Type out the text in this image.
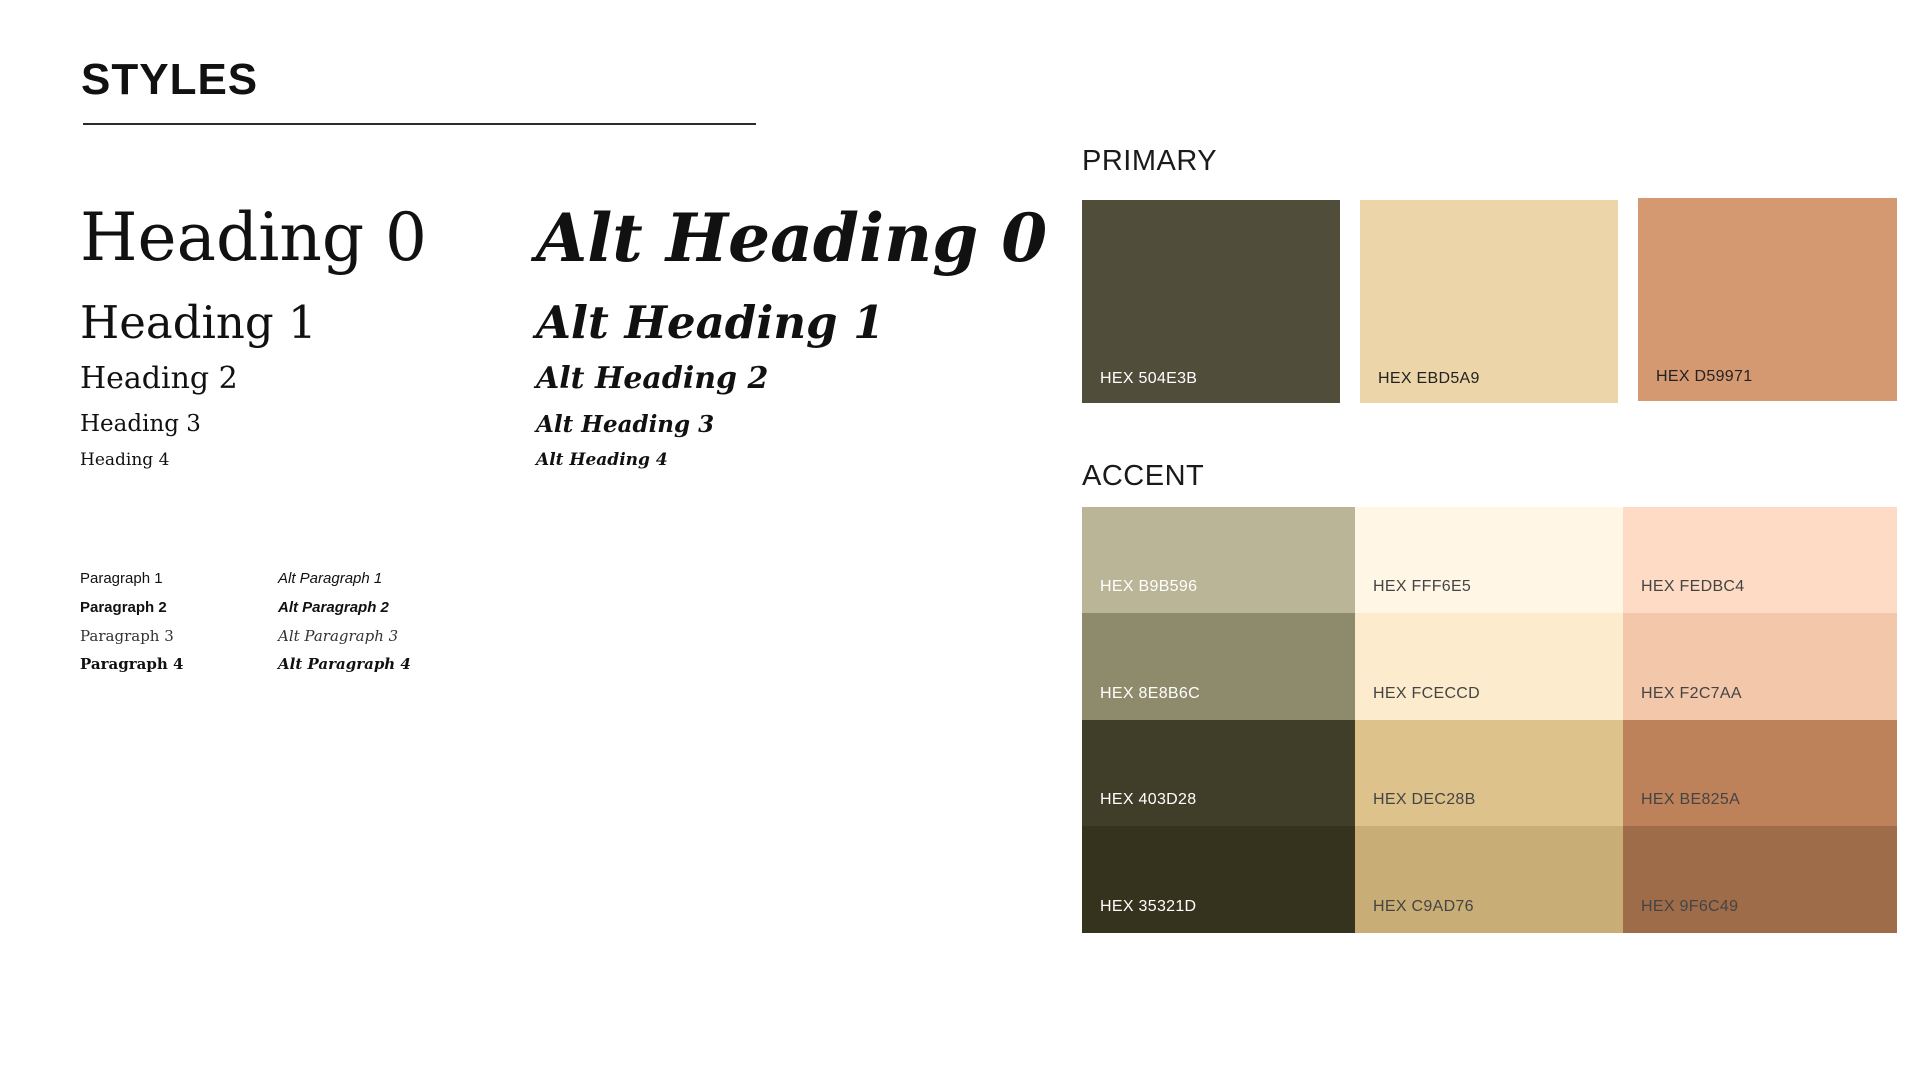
STYLES
Heading 0
Heading 1
Heading 2
Heading 3
Heading 4
Alt Heading 0
Alt Heading 1
Alt Heading 2
Alt Heading 3
Alt Heading 4
Paragraph 1
Paragraph 2
Paragraph 3
Paragraph 4
Alt Paragraph 1
Alt Paragraph 2
Alt Paragraph 3
Alt Paragraph 4
PRIMARY
HEX 504E3B	HEX EBD5A9	HEX D59971
ACCENT
HEX B9B596	HEX FFF6E5	HEX FEDBC4
HEX 8E8B6C	HEX FCECCD	HEX F2C7AA
HEX 403D28	HEX DEC28B	HEX BE825A
HEX 35321D	HEX C9AD76	HEX 9F6C49
